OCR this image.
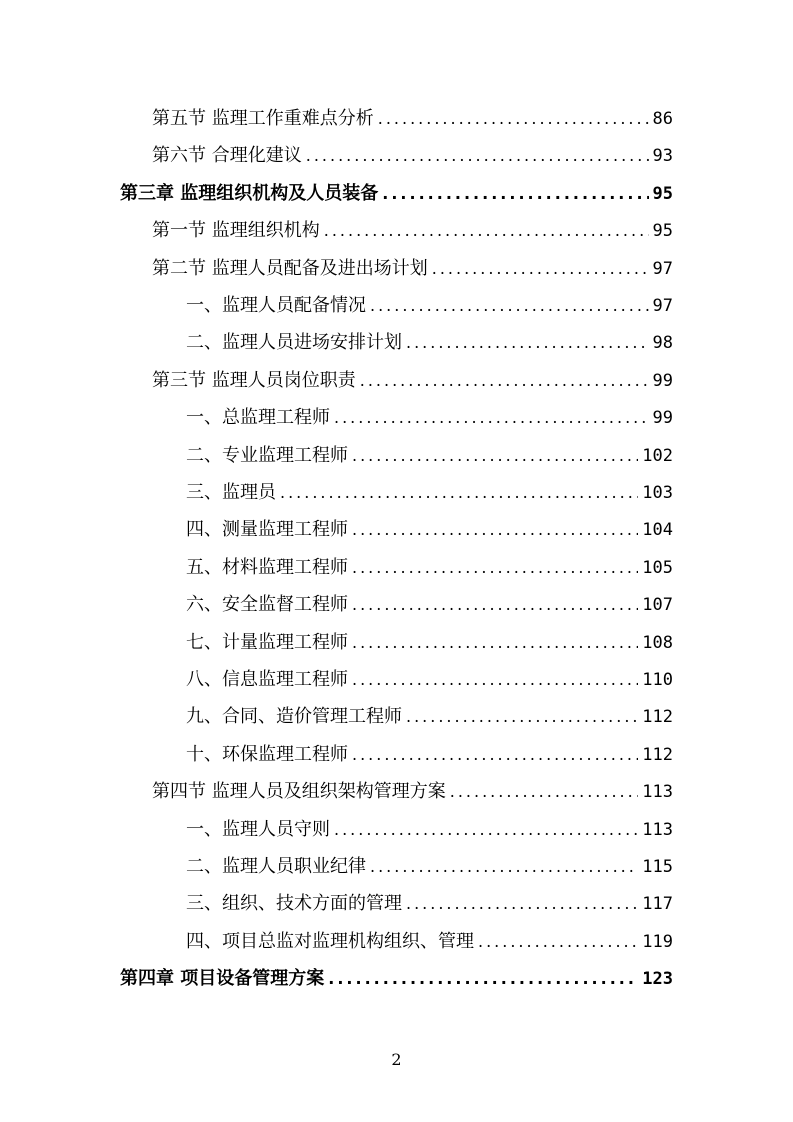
第五节 监理工作重难点分析 .....	86
第六节 合理化建议 .....	93
第三章 监理组织机构及人员装备 .....	95
第一节 监理组织机构 .....	95
第二节 监理人员配备及进出场计划 .....	97
一、监理人员配备情况 .....	97
二、监理人员进场安排计划 .....	98
第三节 监理人员岗位职责 .....	99
一、总监理工程师 .....	99
二、专业监理工程师 .....	102
三、监理员 .....	103
四、测量监理工程师 .....	104
五、材料监理工程师 .....	105
六、安全监督工程师 .....	107
七、计量监理工程师 .....	108
八、信息监理工程师 .....	110
九、合同、造价管理工程师 .....	112
十、环保监理工程师 .....	112
第四节 监理人员及组织架构管理方案 .....	113
一、监理人员守则 .....	113
二、监理人员职业纪律 .....	115
三、组织、技术方面的管理 .....	117
四、项目总监对监理机构组织、管理 .....	119
第四章 项目设备管理方案 .....	123
2
